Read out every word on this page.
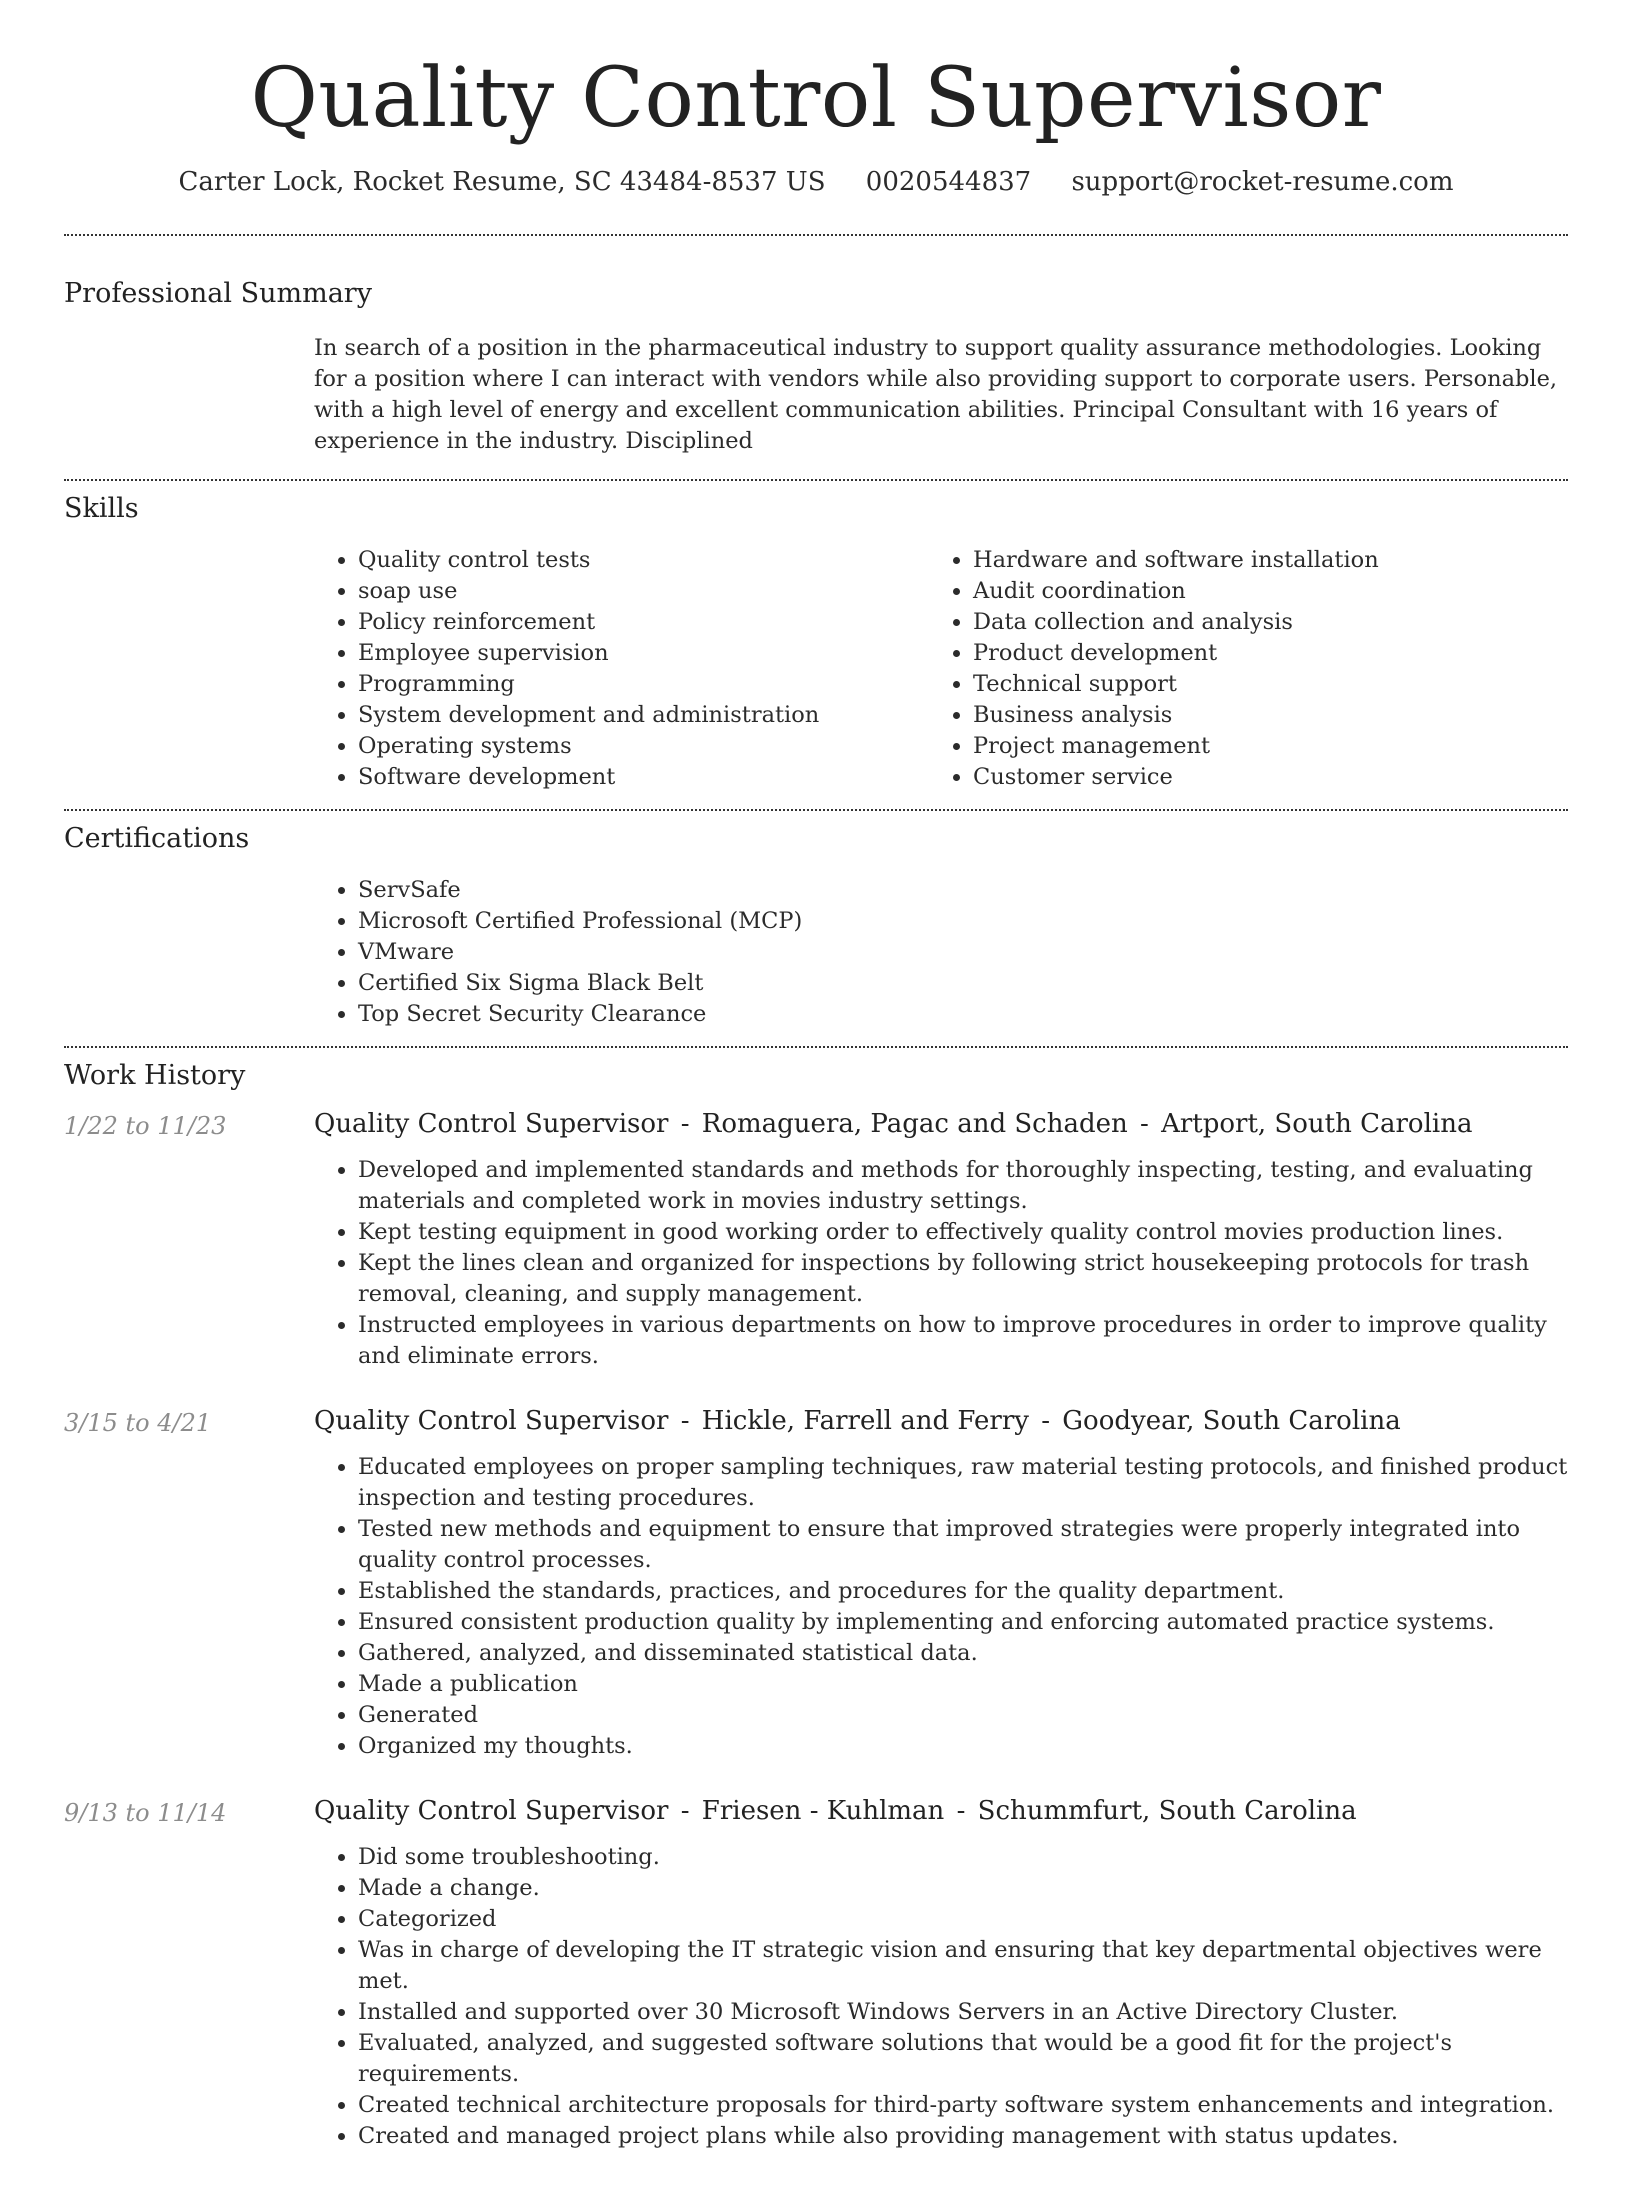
Quality Control Supervisor
Carter Lock, Rocket Resume, SC 43484-8537 US 0020544837 support@rocket-resume.com
Professional Summary

In search of a position in the pharmaceutical industry to support quality assurance methodologies. Looking for a position where I can interact with vendors while also providing support to corporate users. Personable, with a high level of energy and excellent communication abilities. Principal Consultant with 16 years of experience in the industry. Disciplined

Skills
• Quality control tests
• soap use
• Policy reinforcement
• Employee supervision
• Programming
• System development and administration
• Operating systems
• Software development
• Hardware and software installation
• Audit coordination
• Data collection and analysis
• Product development
• Technical support
• Business analysis
• Project management
• Customer service
Certifications
• ServSafe
• Microsoft Certified Professional (MCP)
• VMware
• Certified Six Sigma Black Belt
• Top Secret Security Clearance
Work History
1/22 to 11/23	Quality Control Supervisor - Romaguera, Pagac and Schaden - Artport, South Carolina
• Developed and implemented standards and methods for thoroughly inspecting, testing, and evaluating materials and completed work in movies industry settings.
• Kept testing equipment in good working order to effectively quality control movies production lines.
• Kept the lines clean and organized for inspections by following strict housekeeping protocols for trash removal, cleaning, and supply management.
• Instructed employees in various departments on how to improve procedures in order to improve quality and eliminate errors.
3/15 to 4/21	Quality Control Supervisor - Hickle, Farrell and Ferry - Goodyear, South Carolina
• Educated employees on proper sampling techniques, raw material testing protocols, and finished product inspection and testing procedures.
• Tested new methods and equipment to ensure that improved strategies were properly integrated into quality control processes.
• Established the standards, practices, and procedures for the quality department.
• Ensured consistent production quality by implementing and enforcing automated practice systems.
• Gathered, analyzed, and disseminated statistical data.
• Made a publication
• Generated
• Organized my thoughts.
9/13 to 11/14	Quality Control Supervisor - Friesen - Kuhlman - Schummfurt, South Carolina
• Did some troubleshooting.
• Made a change.
• Categorized
• Was in charge of developing the IT strategic vision and ensuring that key departmental objectives were met.
• Installed and supported over 30 Microsoft Windows Servers in an Active Directory Cluster.
• Evaluated, analyzed, and suggested software solutions that would be a good fit for the project's requirements.
• Created technical architecture proposals for third-party software system enhancements and integration.
• Created and managed project plans while also providing management with status updates.
